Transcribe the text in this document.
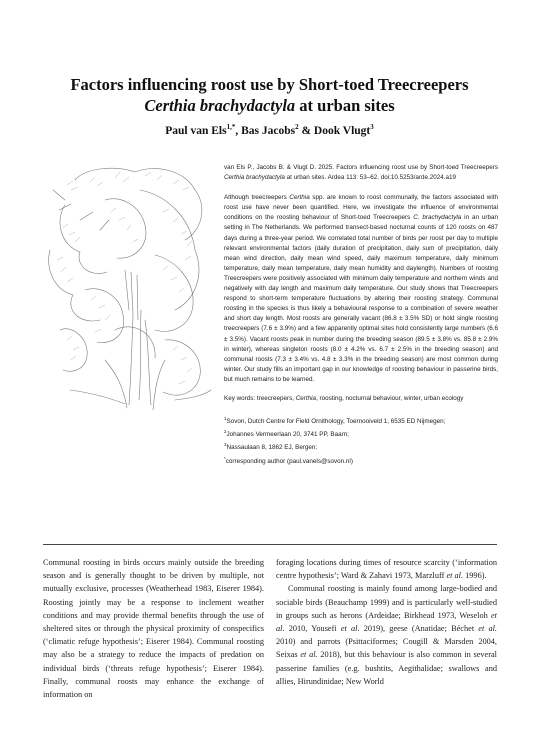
Factors influencing roost use by Short-toed Treecreepers
Certhia brachydactyla at urban sites
Paul van Els$^{1,*}$, Bas Jacobs$^2$ & Dook Vlugt$^3$

van Els P., Jacobs B. & Vlugt D. 2025. Factors influencing roost use by Short-toed Treecreepers Certhia brachydactyla at urban sites. Ardea 113: 53–62. doi:10.5253/arde.2024.a19

Although treecreepers Certhia spp. are known to roost communally, the factors associated with roost use have never been quantified. Here, we investigate the influence of environmental conditions on the roosting behaviour of Short-toed Treecreepers C. brachydactyla in an urban setting in The Netherlands. We performed transect-based nocturnal counts of 120 roosts on 487 days during a three-year period. We correlated total number of birds per roost per day to multiple relevant environmental factors (daily duration of precipitation, daily sum of precipitation, daily mean wind direction, daily mean wind speed, daily maximum temperature, daily minimum temperature, daily mean temperature, daily mean humidity and daylength). Numbers of roosting Treecreepers were positively associated with minimum daily temperature and northern winds and negatively with day length and maximum daily temperature. Our study shows that Treecreepers respond to short-term temperature fluctuations by altering their roosting strategy. Communal roosting in the species is thus likely a behavioural response to a combination of severe weather and short day length. Most roosts are generally vacant (86.8 ± 3.5% SD) or hold single roosting treecreepers (7.6 ± 3.9%) and a few apparently optimal sites hold consistently large numbers (6.6 ± 3.5%). Vacant roosts peak in number during the breeding season (89.5 ± 3.8% vs. 85.8 ± 2.9% in winter), whereas singleton roosts (8.0 ± 4.2% vs. 6.7 ± 2.5% in the breeding season) and communal roosts (7.3 ± 3.4% vs. 4.8 ± 3.3% in the breeding season) are most common during winter. Our study fills an important gap in our knowledge of roosting behaviour in passerine birds, but much remains to be learned.

Key words: treecreepers, Certhia, roosting, nocturnal behaviour, winter, urban ecology

$^1$Sovon, Dutch Centre for Field Ornithology, Toernooiveld 1, 6535 ED Nijmegen;

$^2$Johannes Vermeerlaan 20, 3741 PP, Baarn;

$^3$Nassaulaan 8, 1862 EJ, Bergen;

*corresponding author (paul.vanels@sovon.nl)

Communal roosting in birds occurs mainly outside the breeding season and is generally thought to be driven by multiple, not mutually exclusive, processes (Weatherhead 1983, Eiserer 1984). Roosting jointly may be a response to inclement weather conditions and may provide thermal benefits through the use of sheltered sites or through the physical proximity of conspecifics (‘climatic refuge hypothesis’; Eiserer 1984). Communal roosting may also be a strategy to reduce the impacts of predation on individual birds (‘threats refuge hypothesis’; Eiserer 1984). Finally, communal roosts may enhance the exchange of information on

foraging locations during times of resource scarcity (‘information centre hypothesis’; Ward & Zahavi 1973, Marzluff et al. 1996).

Communal roosting is mainly found among large-bodied and sociable birds (Beauchamp 1999) and is particularly well-studied in groups such as herons (Ardeidae; Birkhead 1973, Weseloh et al. 2010, Yousefi et al. 2019), geese (Anatidae; Béchet et al. 2010) and parrots (Psittaciformes; Cougill & Marsden 2004, Seixas et al. 2018), but this behaviour is also common in several passerine families (e.g. bushtits, Aegithalidae; swallows and allies, Hirundinidae; New World
